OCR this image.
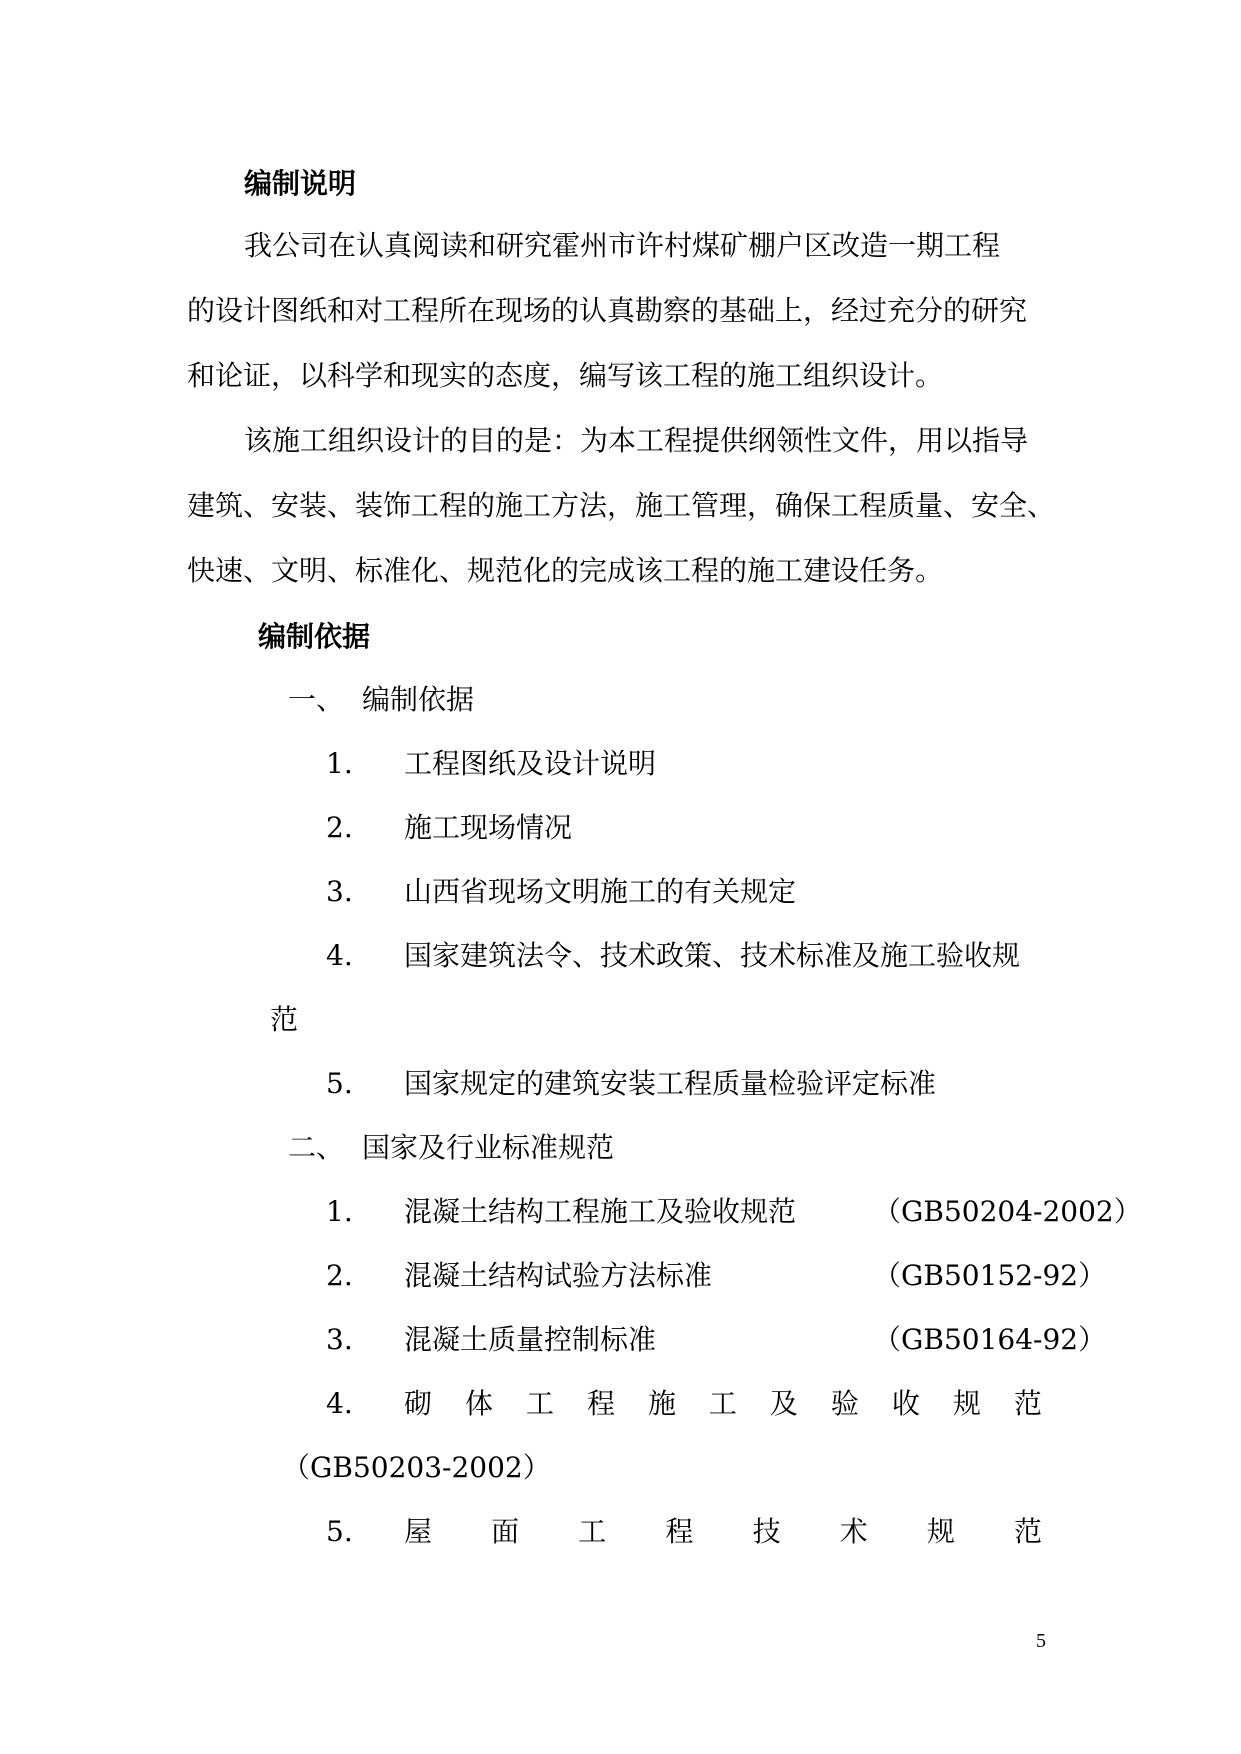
编制说明
我公司在认真阅读和研究霍州市许村煤矿棚户区改造一期工程
的设计图纸和对工程所在现场的认真勘察的基础上，经过充分的研究
和论证，以科学和现实的态度，编写该工程的施工组织设计。
该施工组织设计的目的是：为本工程提供纲领性文件，用以指导
建筑、安装、装饰工程的施工方法，施工管理，确保工程质量、安全、
快速、文明、标准化、规范化的完成该工程的施工建设任务。
编制依据
一、 编制依据
1. 工程图纸及设计说明
2. 施工现场情况
3. 山西省现场文明施工的有关规定
4. 国家建筑法令、技术政策、技术标准及施工验收规
范
5. 国家规定的建筑安装工程质量检验评定标准
二、 国家及行业标准规范
1. 混凝土结构工程施工及验收规范	（GB50204-2002）
2. 混凝土结构试验方法标准	（GB50152-92）
3. 混凝土质量控制标准	（GB50164-92）
4. 砌 体 工 程 施 工 及 验 收 规 范
（GB50203-2002）
5. 屋 面 工 程 技 术 规 范
5
